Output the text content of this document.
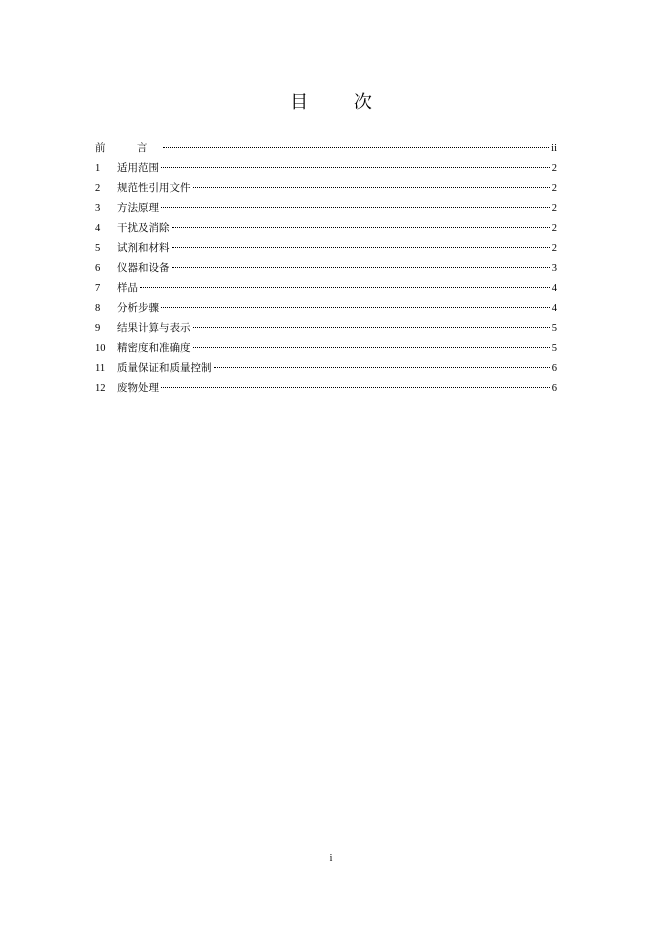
目 次
前 言	ii
1	适用范围	2
2	规范性引用文件	2
3	方法原理	2
4	干扰及消除	2
5	试剂和材料	2
6	仪器和设备	3
7	样品	4
8	分析步骤	4
9	结果计算与表示	5
10	精密度和准确度	5
11	质量保证和质量控制	6
12	废物处理	6
i
